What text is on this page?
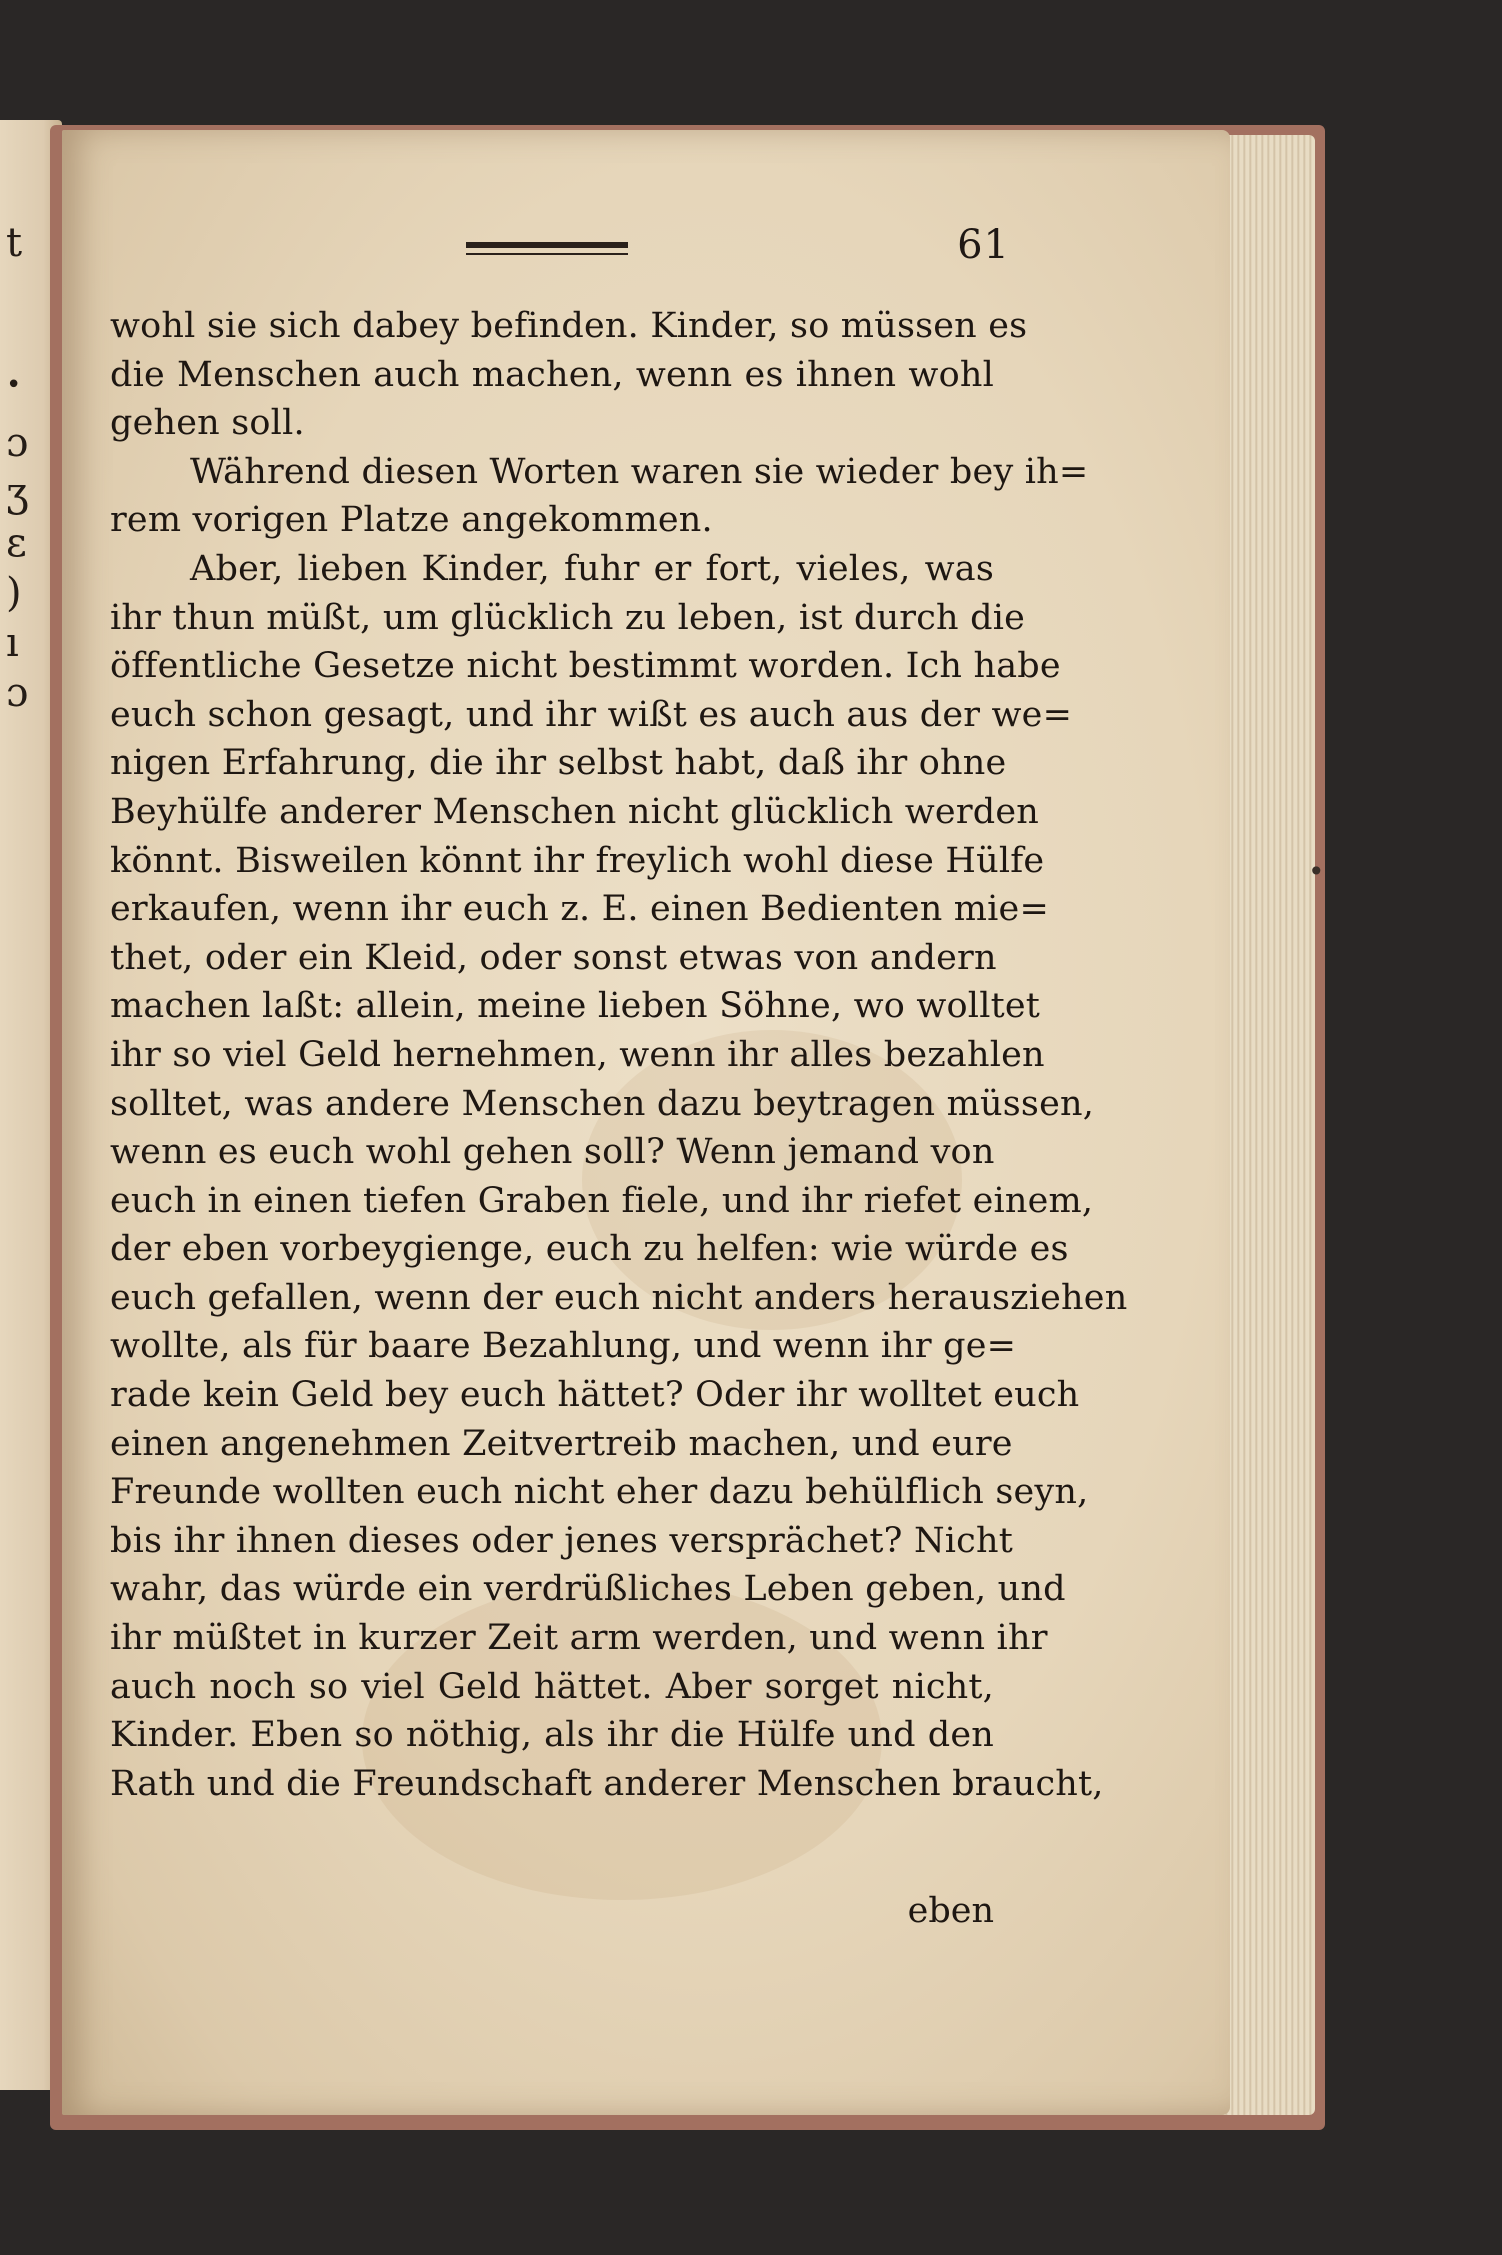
t
•
ɔ
ʒ
ɛ
)
ı
ɔ
61
wohl sie sich dabey befinden. Kinder, so müssen es
die Menschen auch machen, wenn es ihnen wohl
gehen soll.
Während diesen Worten waren sie wieder bey ih=
rem vorigen Platze angekommen.
Aber, lieben Kinder, fuhr er fort, vieles, was
ihr thun müßt, um glücklich zu leben, ist durch die
öffentliche Gesetze nicht bestimmt worden. Ich habe
euch schon gesagt, und ihr wißt es auch aus der we=
nigen Erfahrung, die ihr selbst habt, daß ihr ohne
Beyhülfe anderer Menschen nicht glücklich werden
könnt. Bisweilen könnt ihr freylich wohl diese Hülfe
erkaufen, wenn ihr euch z. E. einen Bedienten mie=
thet, oder ein Kleid, oder sonst etwas von andern
machen laßt: allein, meine lieben Söhne, wo wolltet
ihr so viel Geld hernehmen, wenn ihr alles bezahlen
solltet, was andere Menschen dazu beytragen müssen,
wenn es euch wohl gehen soll? Wenn jemand von
euch in einen tiefen Graben fiele, und ihr riefet einem,
der eben vorbeygienge, euch zu helfen: wie würde es
euch gefallen, wenn der euch nicht anders herausziehen
wollte, als für baare Bezahlung, und wenn ihr ge=
rade kein Geld bey euch hättet? Oder ihr wolltet euch
einen angenehmen Zeitvertreib machen, und eure
Freunde wollten euch nicht eher dazu behülflich seyn,
bis ihr ihnen dieses oder jenes versprächet? Nicht
wahr, das würde ein verdrüßliches Leben geben, und
ihr müßtet in kurzer Zeit arm werden, und wenn ihr
auch noch so viel Geld hättet. Aber sorget nicht,
Kinder. Eben so nöthig, als ihr die Hülfe und den
Rath und die Freundschaft anderer Menschen braucht,
eben
•
